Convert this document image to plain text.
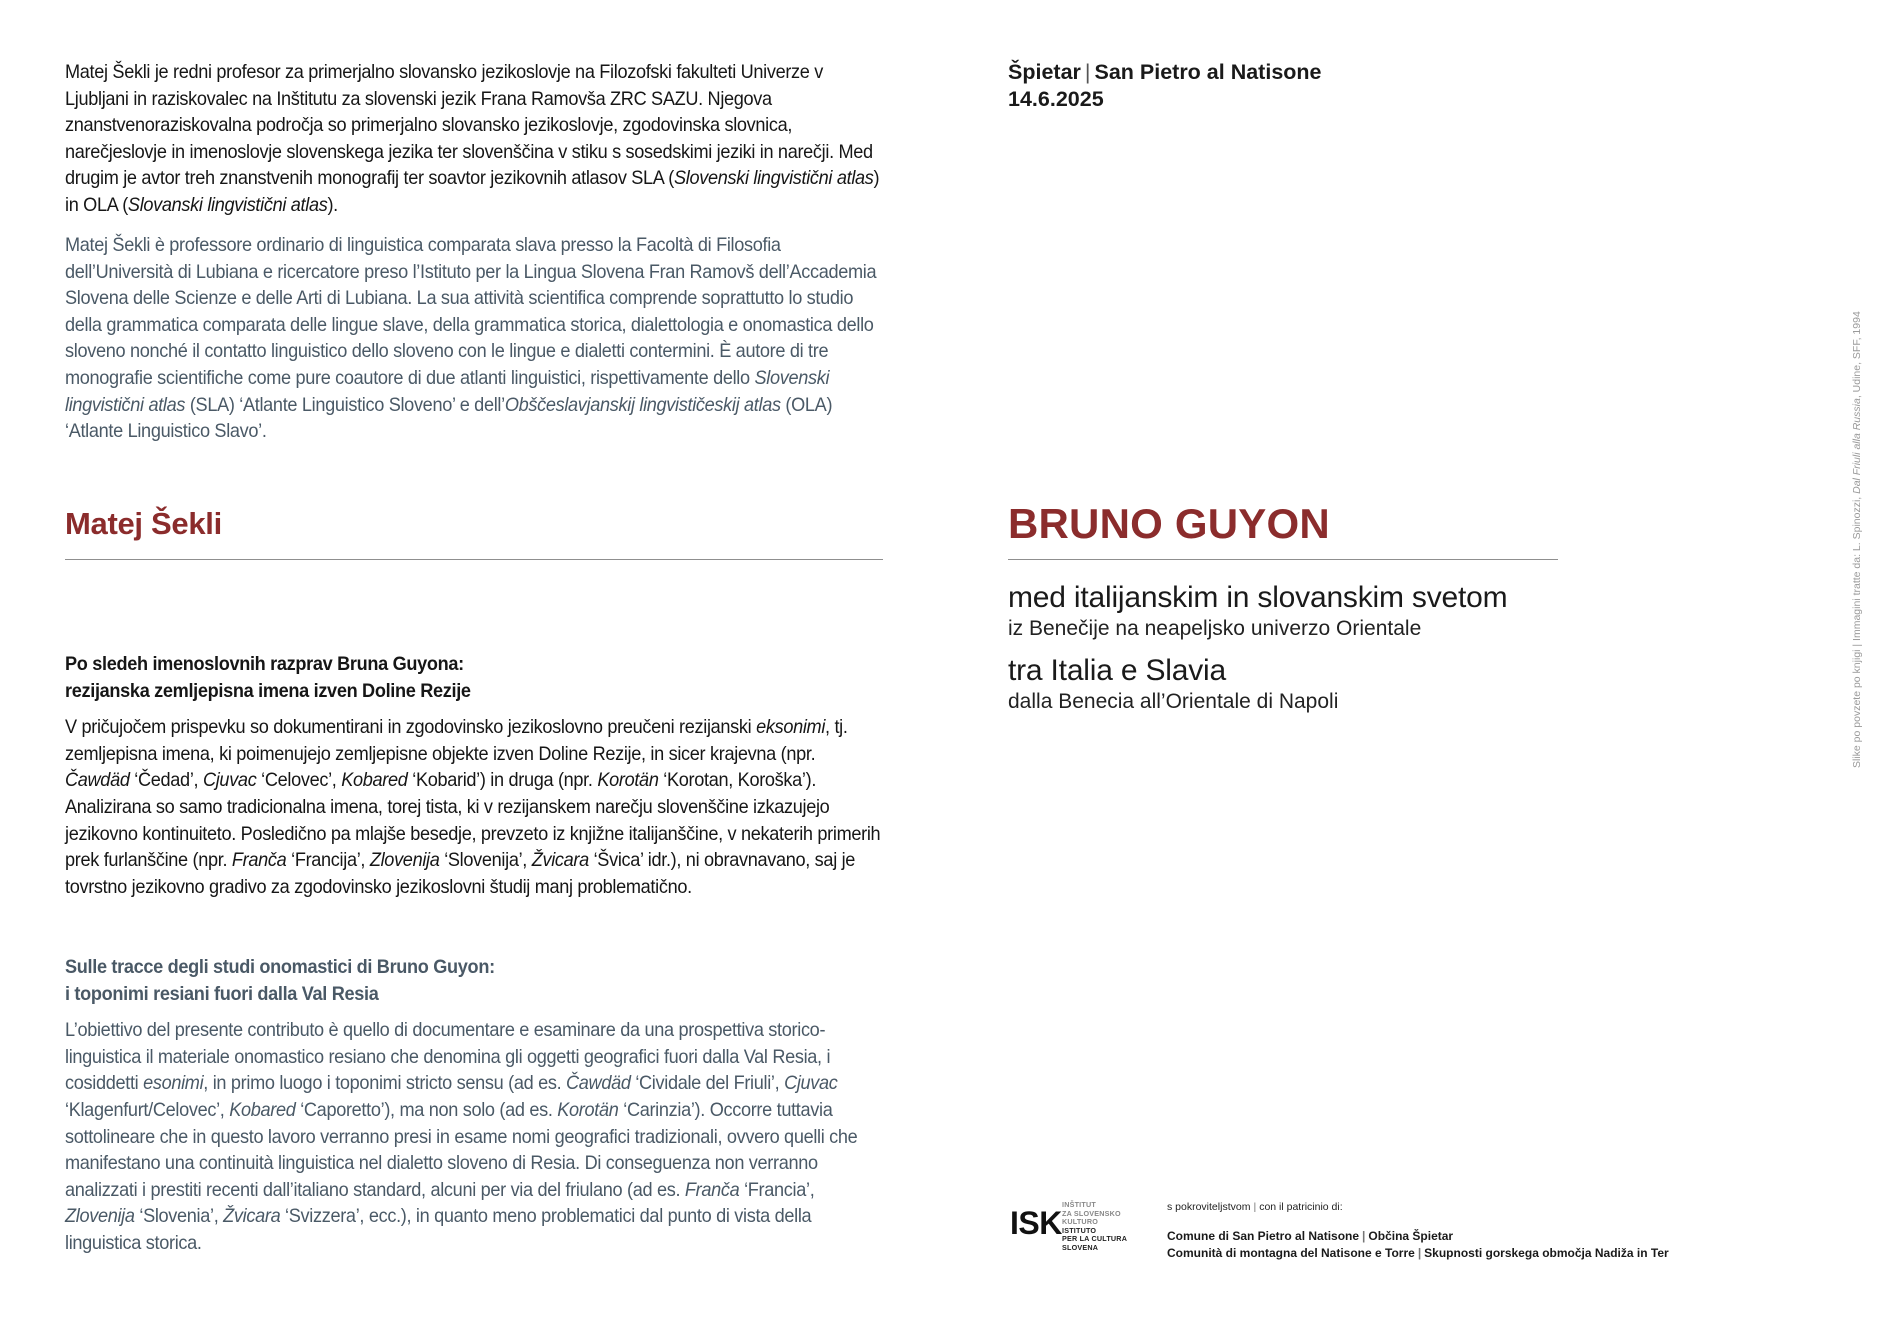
Matej Šekli je redni profesor za primerjalno slovansko jezikoslovje na Filozofski fakulteti Univerze v Ljubljani in raziskovalec na Inštitutu za slovenski jezik Frana Ramovša ZRC SAZU. Njegova znanstvenoraziskovalna področja so primerjalno slovansko jezikoslovje, zgodovinska slovnica, narečjeslovje in imenoslovje slovenskega jezika ter slovenščina v stiku s sosedskimi jeziki in narečji. Med drugim je avtor treh znanstvenih monografij ter soavtor jezikovnih atlasov SLA (Slovenski lingvistični atlas) in OLA (Slovanski lingvistični atlas).

Matej Šekli è professore ordinario di linguistica comparata slava presso la Facoltà di Filosofia dell’Università di Lubiana e ricercatore preso l’Istituto per la Lingua Slovena Fran Ramovš dell’Accademia Slovena delle Scienze e delle Arti di Lubiana. La sua attività scientifica comprende soprattutto lo studio della grammatica comparata delle lingue slave, della grammatica storica, dialettologia e onomastica dello sloveno nonché il contatto linguistico dello sloveno con le lingue e dialetti contermini. È autore di tre monografie scientifiche come pure coautore di due atlanti linguistici, rispettivamente dello Slovenski lingvistični atlas (SLA) ‘Atlante Linguistico Sloveno’ e dell’Obščeslavjanskij lingvističeskij atlas (OLA) ‘Atlante Linguistico Slavo’.

Matej Šekli
Po sledeh imenoslovnih razprav Bruna Guyona:
rezijanska zemljepisna imena izven Doline Rezije

V pričujočem prispevku so dokumentirani in zgodovinsko jezikoslovno preučeni rezijanski eksonimi, tj. zemljepisna imena, ki poimenujejo zemljepisne objekte izven Doline Rezije, in sicer krajevna (npr. Čawdäd ‘Čedad’, Cjuvac ‘Celovec’, Kobared ‘Kobarid’) in druga (npr. Korotän ‘Korotan, Koroška’). Analizirana so samo tradicionalna imena, torej tista, ki v rezijanskem narečju slovenščine izkazujejo jezikovno kontinuiteto. Posledično pa mlajše besedje, prevzeto iz knjižne italijanščine, v nekaterih primerih prek furlanščine (npr. Franča ‘Francija’, Zlovenija ‘Slovenija’, Žvicara ‘Švica’ idr.), ni obravnavano, saj je tovrstno jezikovno gradivo za zgodovinsko jezikoslovni študij manj problematično.

Sulle tracce degli studi onomastici di Bruno Guyon:
i toponimi resiani fuori dalla Val Resia

L’obiettivo del presente contributo è quello di documentare e esaminare da una prospettiva storico-linguistica il materiale onomastico resiano che denomina gli oggetti geografici fuori dalla Val Resia, i cosiddetti esonimi, in primo luogo i toponimi stricto sensu (ad es. Čawdäd ‘Cividale del Friuli’, Cjuvac ‘Klagenfurt/Celovec’, Kobared ‘Caporetto’), ma non solo (ad es. Korotän ‘Carinzia’). Occorre tuttavia sottolineare che in questo lavoro verranno presi in esame nomi geografici tradizionali, ovvero quelli che manifestano una continuità linguistica nel dialetto sloveno di Resia. Di conseguenza non verranno analizzati i prestiti recenti dall’italiano standard, alcuni per via del friulano (ad es. Franča ‘Francia’, Zlovenija ‘Slovenia’, Žvicara ‘Svizzera’, ecc.), in quanto meno problematici dal punto di vista della linguistica storica.

Špietar | San Pietro al Natisone
14.6.2025
BRUNO GUYON
med italijanskim in slovanskim svetom
iz Benečije na neapeljsko univerzo Orientale
tra Italia e Slavia
dalla Benecia all’Orientale di Napoli	Slike po povzete po knjigi | Immagini tratte da: L. Spinozzi, Dal Friuli alla Russia, Udine, SFF, 1994
ISK
INŠTITUT
ZA SLOVENSKO
KULTURO
ISTITUTO
PER LA CULTURA
SLOVENA
s pokroviteljstvom | con il patricinio di:
Comune di San Pietro al Natisone | Občina Špietar
Comunità di montagna del Natisone e Torre | Skupnosti gorskega območja Nadiža in Ter
